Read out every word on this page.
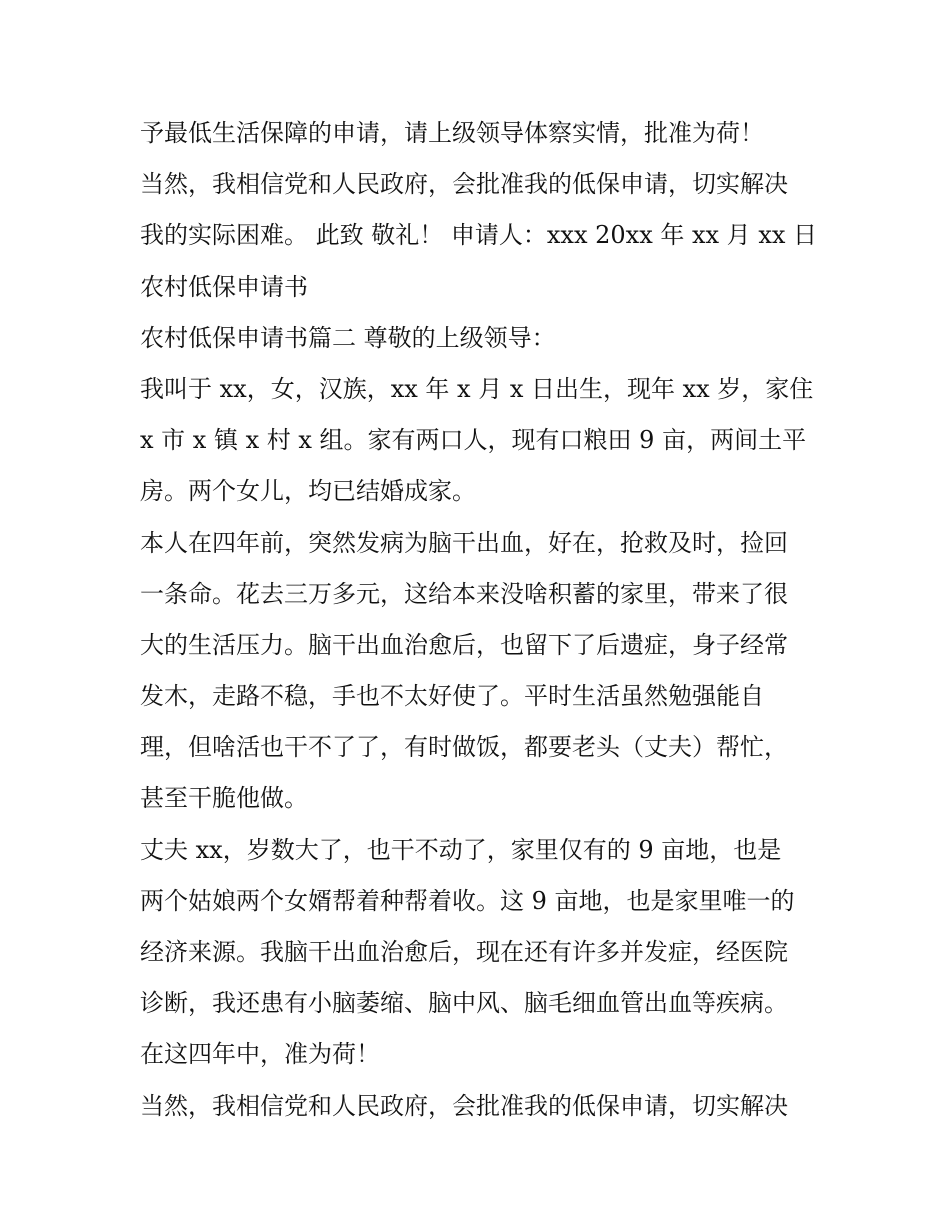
予最低生活保障的申请，请上级领导体察实情，批准为荷！
当然，我相信党和人民政府，会批准我的低保申请，切实解决
我的实际困难。 此致 敬礼！ 申请人：xxx 20xx 年 xx 月 xx 日
农村低保申请书
农村低保申请书篇二 尊敬的上级领导：
我叫于 xx，女，汉族，xx 年 x 月 x 日出生，现年 xx 岁，家住
x 市 x 镇 x 村 x 组。家有两口人，现有口粮田 9 亩，两间土平
房。两个女儿，均已结婚成家。
本人在四年前，突然发病为脑干出血，好在，抢救及时，捡回
一条命。花去三万多元，这给本来没啥积蓄的家里，带来了很
大的生活压力。脑干出血治愈后，也留下了后遗症，身子经常
发木，走路不稳，手也不太好使了。平时生活虽然勉强能自
理，但啥活也干不了了，有时做饭，都要老头（丈夫）帮忙，
甚至干脆他做。
丈夫 xx，岁数大了，也干不动了，家里仅有的 9 亩地，也是
两个姑娘两个女婿帮着种帮着收。这 9 亩地，也是家里唯一的
经济来源。我脑干出血治愈后，现在还有许多并发症，经医院
诊断，我还患有小脑萎缩、脑中风、脑毛细血管出血等疾病。
在这四年中，准为荷！
当然，我相信党和人民政府，会批准我的低保申请，切实解决
